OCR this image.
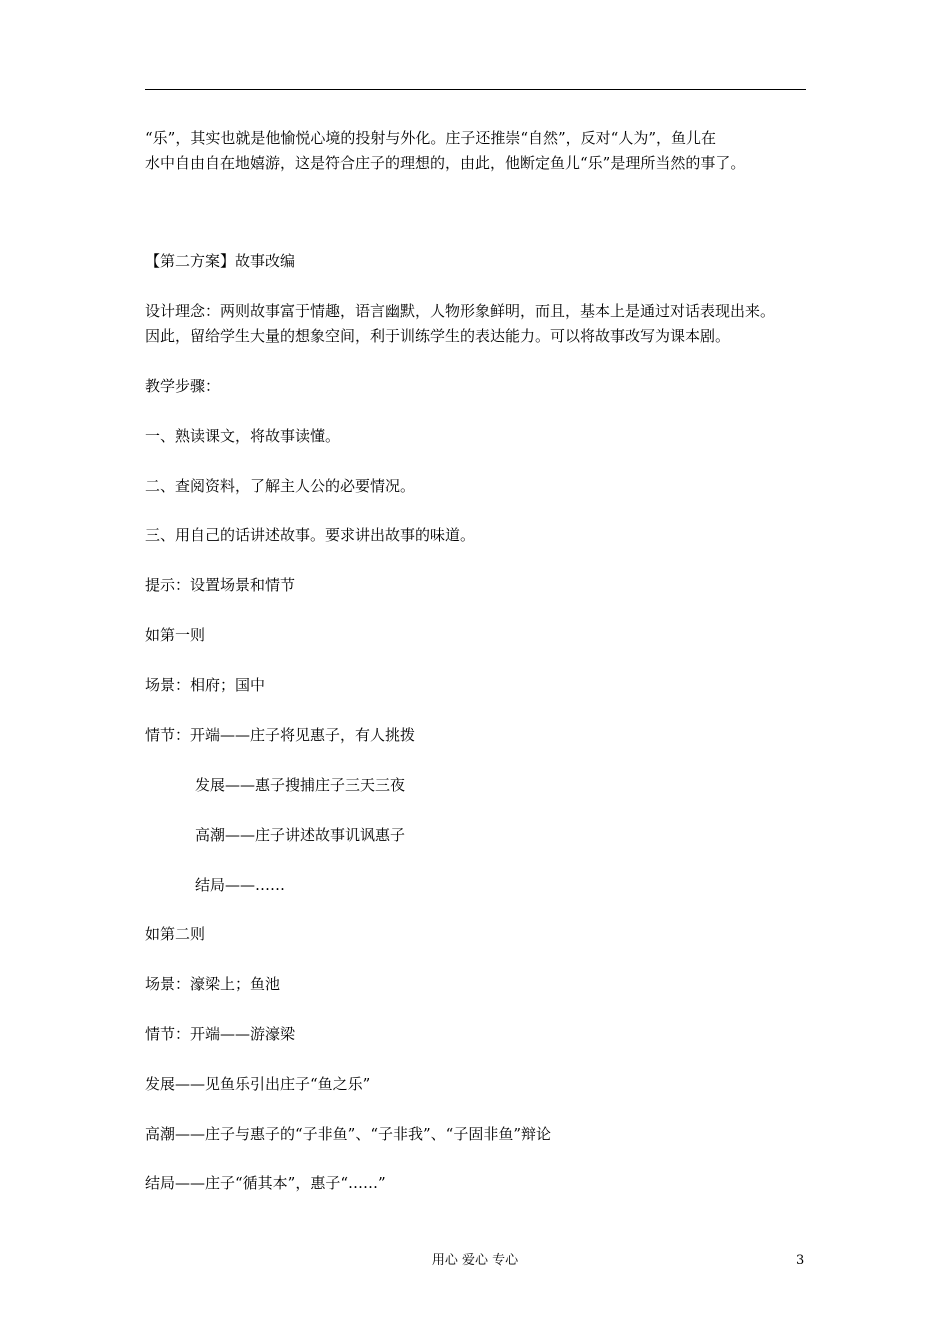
“乐”，其实也就是他愉悦心境的投射与外化。庄子还推崇“自然”，反对“人为”，鱼儿在
水中自由自在地嬉游，这是符合庄子的理想的，由此，他断定鱼儿“乐”是理所当然的事了。
【第二方案】故事改编
设计理念：两则故事富于情趣，语言幽默，人物形象鲜明，而且，基本上是通过对话表现出来。
因此，留给学生大量的想象空间，利于训练学生的表达能力。可以将故事改写为课本剧。
教学步骤：
一、熟读课文，将故事读懂。
二、查阅资料，了解主人公的必要情况。
三、用自己的话讲述故事。要求讲出故事的味道。
提示：设置场景和情节
如第一则
场景：相府；国中
情节：开端——庄子将见惠子，有人挑拨
发展——惠子搜捕庄子三天三夜
高潮——庄子讲述故事讥讽惠子
结局——……
如第二则
场景：濠梁上；鱼池
情节：开端——游濠梁
发展——见鱼乐引出庄子“鱼之乐”
高潮——庄子与惠子的“子非鱼”、“子非我”、“子固非鱼”辩论
结局——庄子“循其本”，惠子“……”
用心 爱心 专心	3
